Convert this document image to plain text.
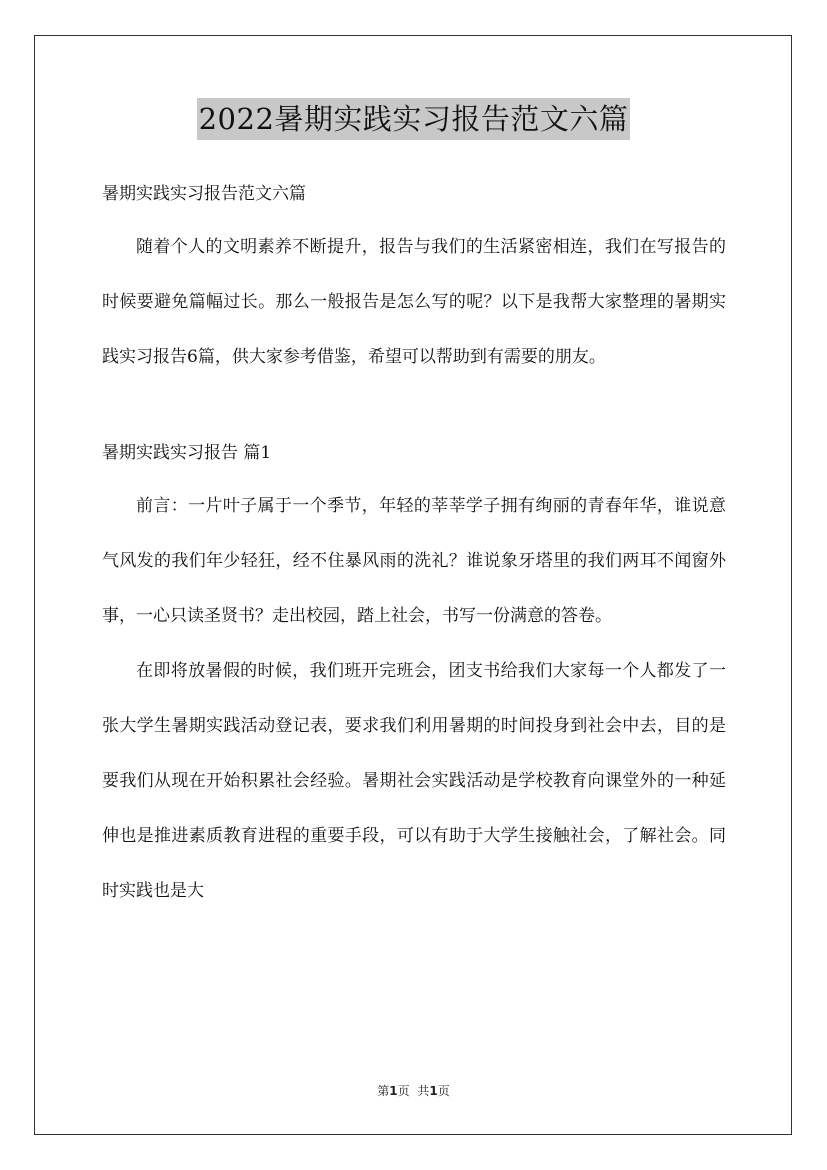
2022暑期实践实习报告范文六篇

暑期实践实习报告范文六篇

随着个人的文明素养不断提升，报告与我们的生活紧密相连，我们在写报告的时候要避免篇幅过长。那么一般报告是怎么写的呢？以下是我帮大家整理的暑期实践实习报告6篇，供大家参考借鉴，希望可以帮助到有需要的朋友。

暑期实践实习报告 篇1

前言：一片叶子属于一个季节，年轻的莘莘学子拥有绚丽的青春年华，谁说意气风发的我们年少轻狂，经不住暴风雨的洗礼？谁说象牙塔里的我们两耳不闻窗外事，一心只读圣贤书？走出校园，踏上社会，书写一份满意的答卷。

在即将放暑假的时候，我们班开完班会，团支书给我们大家每一个人都发了一张大学生暑期实践活动登记表，要求我们利用暑期的时间投身到社会中去，目的是要我们从现在开始积累社会经验。暑期社会实践活动是学校教育向课堂外的一种延伸也是推进素质教育进程的重要手段，可以有助于大学生接触社会，了解社会。同时实践也是大

第1页 共1页
